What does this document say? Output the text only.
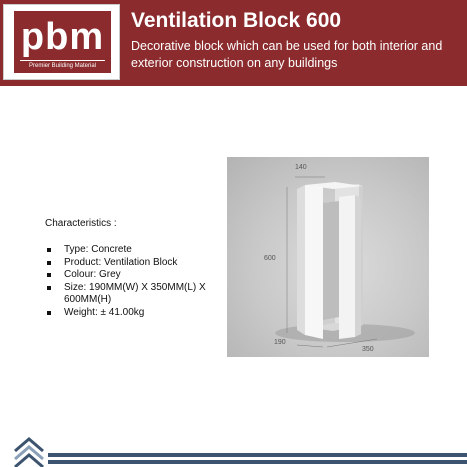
pbm
Premier Building Material
Ventilation Block 600
Decorative block which can be used for both interior and exterior construction on any buildings
Characteristics :
Type: Concrete
Product: Ventilation Block
Colour: Grey
Size: 190MM(W) X 350MM(L) X 600MM(H)
Weight: ± 41.00kg
140
600
190
350
